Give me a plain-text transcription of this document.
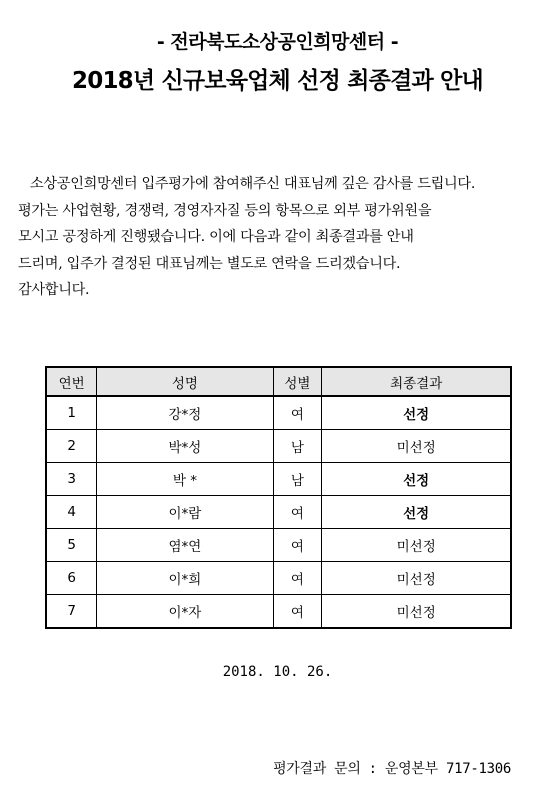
- 전라북도소상공인희망센터 -
2018년 신규보육업체 선정 최종결과 안내
소상공인희망센터 입주평가에 참여해주신 대표님께 깊은 감사를 드립니다.
평가는 사업현황, 경쟁력, 경영자자질 등의 항목으로 외부 평가위원을
모시고 공정하게 진행됐습니다. 이에 다음과 같이 최종결과를 안내
드리며, 입주가 결정된 대표님께는 별도로 연락을 드리겠습니다.
감사합니다.
연번	성명	성별	최종결과
1	강*정	여	선정
2	박*성	남	미선정
3	박 *	남	선정
4	이*람	여	선정
5	염*연	여	미선정
6	이*희	여	미선정
7	이*자	여	미선정
2018. 10. 26.
평가결과 문의 : 운영본부 717-1306
